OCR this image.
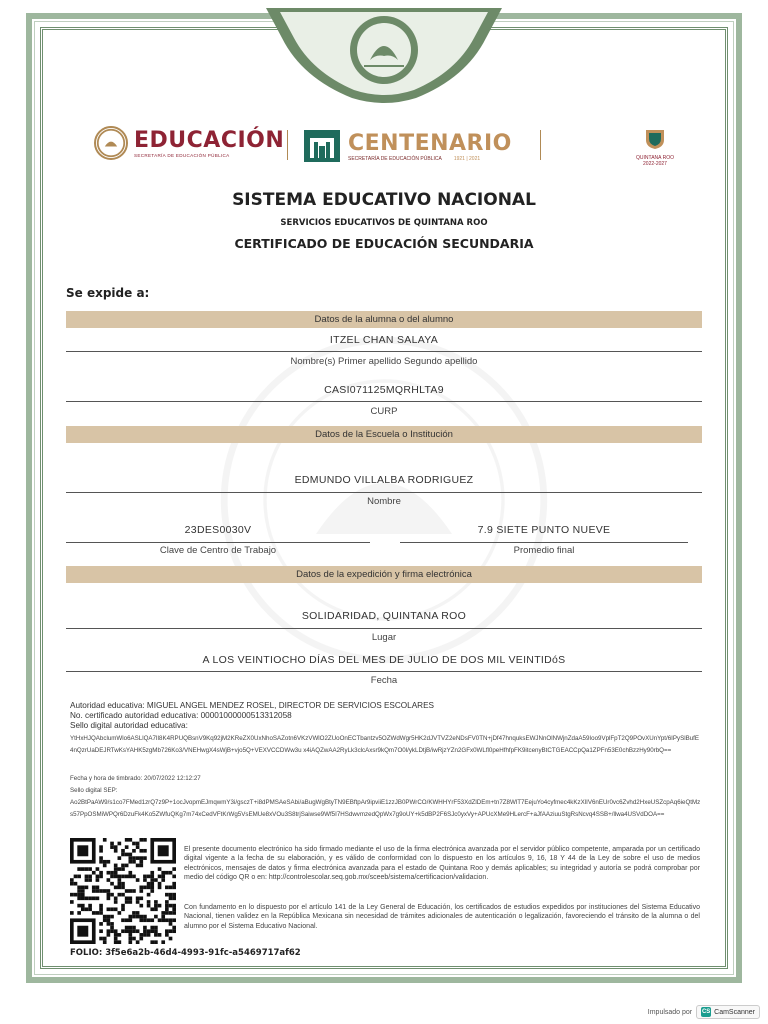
EDUCACIÓN
SECRETARÍA DE EDUCACIÓN PÚBLICA	CENTENARIO
SECRETARÍA DE EDUCACIÓN PÚBLICA 1921 | 2021	QUINTANA ROO
2022-2027
SISTEMA EDUCATIVO NACIONAL
SERVICIOS EDUCATIVOS DE QUINTANA ROO
CERTIFICADO DE EDUCACIÓN SECUNDARIA
Se expide a:
Datos de la alumna o del alumno
ITZEL CHAN SALAYA
Nombre(s) Primer apellido Segundo apellido
CASI071125MQRHLTA9
CURP
Datos de la Escuela o Institución
EDMUNDO VILLALBA RODRIGUEZ
Nombre
23DES0030V
Clave de Centro de Trabajo
7.9 SIETE PUNTO NUEVE
Promedio final
Datos de la expedición y firma electrónica
SOLIDARIDAD, QUINTANA ROO
Lugar
A LOS VEINTIOCHO DÍAS DEL MES DE JULIO DE DOS MIL VEINTIDóS
Fecha
Autoridad educativa: MIGUEL ANGEL MENDEZ ROSEL, DIRECTOR DE SERVICIOS ESCOLARES
No. certificado autoridad educativa: 00001000000513312058
Sello digital autoridad educativa:
YtHxHJQAbclumWlo6ASLlQA7lI8K4RPUQBsnV9Kq92jM2KReZX0UxNhoSAZotn6VKzVWlO2ZUoOnECTbantzv5OZWdWgr5HK2dJVTVZ2eNDsFV0TN+jDf47hnquksEWJNnOlNWjnZdaA59Ioo9VplFpT2Q9POvXUnYpt/6IPySlBufE4nQzrUaDEJRTwKsYAHK5zgMb726Ko3/VNEHwgX4sWjB+vjo5Q+VEXVCCDWw3u x4iAQZwAA2RyLk3clcAxsr9kQm7O0l/ykLDtjB/iwRjzYZn2GFx0WLfl0peHfhfpFK9itcenyBtCTGEACCpQa1ZPFn53E0chBzzHy90rbQ==
Fecha y hora de timbrado: 20/07/2022 12:12:27
Sello digital SEP:
Ao2BtPaAW9/s1co7FMed1zrQ7z9P+1ocJvopmEJmqwmY3i/gsczT+i8dPMSAeSAbi/aBugWgBtyTN9EBftpAr9ipviiE1zzJB0PWrCO/KWHHYrF53XdZlDEm+tn7Z8WlT7EejuYo4cyfmec4kKzXlIV6nEUr0vc6Zvhd2HxeUSZcpAq6ieQtMzs57PpOSMiWPQr6DzuFk4Ko5ZWfuQKg7m74xCedVFtKrWg5VsEMUe8xVOu3S8trjSaiwse9Wf5I7HSdwvmzedQpWx7g9oUY+k5dBP2F6SJc0yxVy+APUcXMe9HLercF+aJfAAziuuStgRsNcvq4SSB+/llwa4USVdDOA==
El presente documento electrónico ha sido firmado mediante el uso de la firma electrónica avanzada por el servidor público competente, amparada por un certificado digital vigente a la fecha de su elaboración, y es válido de conformidad con lo dispuesto en los artículos 9, 16, 18 Y 44 de la Ley de sobre el uso de medios electrónicos, mensajes de datos y firma electrónica avanzada para el estado de Quintana Roo y demás aplicables; su integridad y autoría se podrá comprobar por medio del código QR o en: http://controlescolar.seq.gob.mx/sceeb/sistema/certificacion/validacion.
Con fundamento en lo dispuesto por el artículo 141 de la Ley General de Educación, los certificados de estudios expedidos por instituciones del Sistema Educativo Nacional, tienen validez en la República Mexicana sin necesidad de trámites adicionales de autenticación o legalización, favoreciendo el tránsito de la alumna o del alumno por el Sistema Educativo Nacional.
FOLIO: 3f5e6a2b-46d4-4993-91fc-a5469717af62
Impulsado por CS CamScanner
